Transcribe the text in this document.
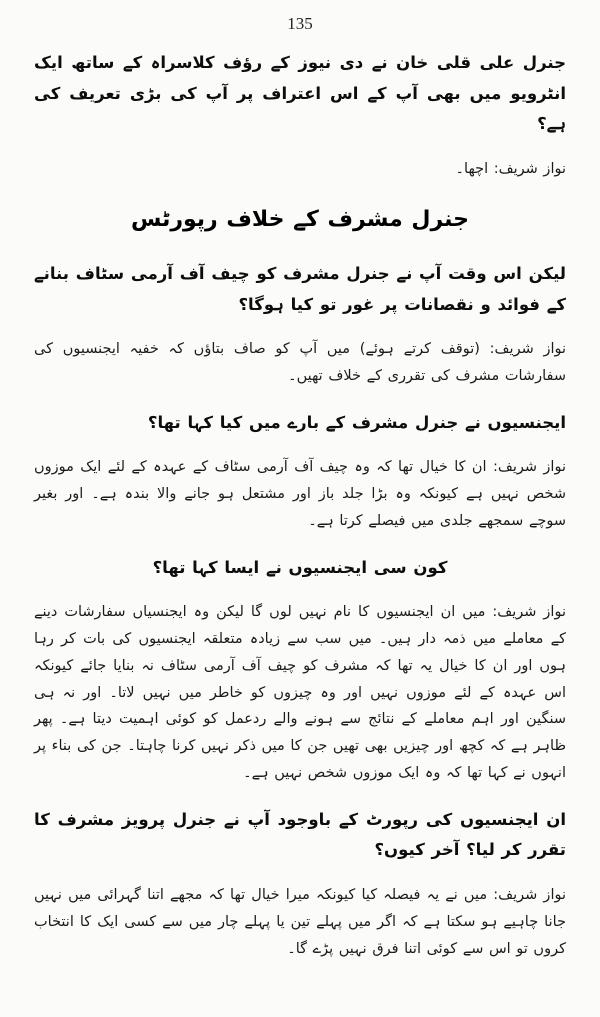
135
جنرل علی قلی خان نے دی نیوز کے رؤف کلاسراہ کے ساتھ ایک انٹرویو میں بھی آپ کے اس اعتراف پر آپ کی بڑی تعریف کی ہے؟
نواز شریف: اچھا۔
جنرل مشرف کے خلاف رپورٹس
لیکن اس وقت آپ نے جنرل مشرف کو چیف آف آرمی سٹاف بنانے کے فوائد و نقصانات پر غور تو کیا ہوگا؟
نواز شریف: (توقف کرتے ہوئے) میں آپ کو صاف بتاؤں کہ خفیہ ایجنسیوں کی سفارشات مشرف کی تقرری کے خلاف تھیں۔
ایجنسیوں نے جنرل مشرف کے بارے میں کیا کہا تھا؟
نواز شریف: ان کا خیال تھا کہ وہ چیف آف آرمی سٹاف کے عہدہ کے لئے ایک موزوں شخص نہیں ہے کیونکہ وہ بڑا جلد باز اور مشتعل ہو جانے والا بندہ ہے۔ اور بغیر سوچے سمجھے جلدی میں فیصلے کرتا ہے۔
کون سی ایجنسیوں نے ایسا کہا تھا؟
نواز شریف: میں ان ایجنسیوں کا نام نہیں لوں گا لیکن وہ ایجنسیاں سفارشات دینے کے معاملے میں ذمہ دار ہیں۔ میں سب سے زیادہ متعلقہ ایجنسیوں کی بات کر رہا ہوں اور ان کا خیال یہ تھا کہ مشرف کو چیف آف آرمی سٹاف نہ بنایا جائے کیونکہ اس عہدہ کے لئے موزوں نہیں اور وہ چیزوں کو خاطر میں نہیں لاتا۔ اور نہ ہی سنگین اور اہم معاملے کے نتائج سے ہونے والے ردعمل کو کوئی اہمیت دیتا ہے۔ پھر ظاہر ہے کہ کچھ اور چیزیں بھی تھیں جن کا میں ذکر نہیں کرنا چاہتا۔ جن کی بناء پر انہوں نے کہا تھا کہ وہ ایک موزوں شخص نہیں ہے۔
ان ایجنسیوں کی رپورٹ کے باوجود آپ نے جنرل پرویز مشرف کا تقرر کر لیا؟ آخر کیوں؟
نواز شریف: میں نے یہ فیصلہ کیا کیونکہ میرا خیال تھا کہ مجھے اتنا گہرائی میں نہیں جانا چاہیے ہو سکتا ہے کہ اگر میں پہلے تین یا پہلے چار میں سے کسی ایک کا انتخاب کروں تو اس سے کوئی اتنا فرق نہیں پڑے گا۔
